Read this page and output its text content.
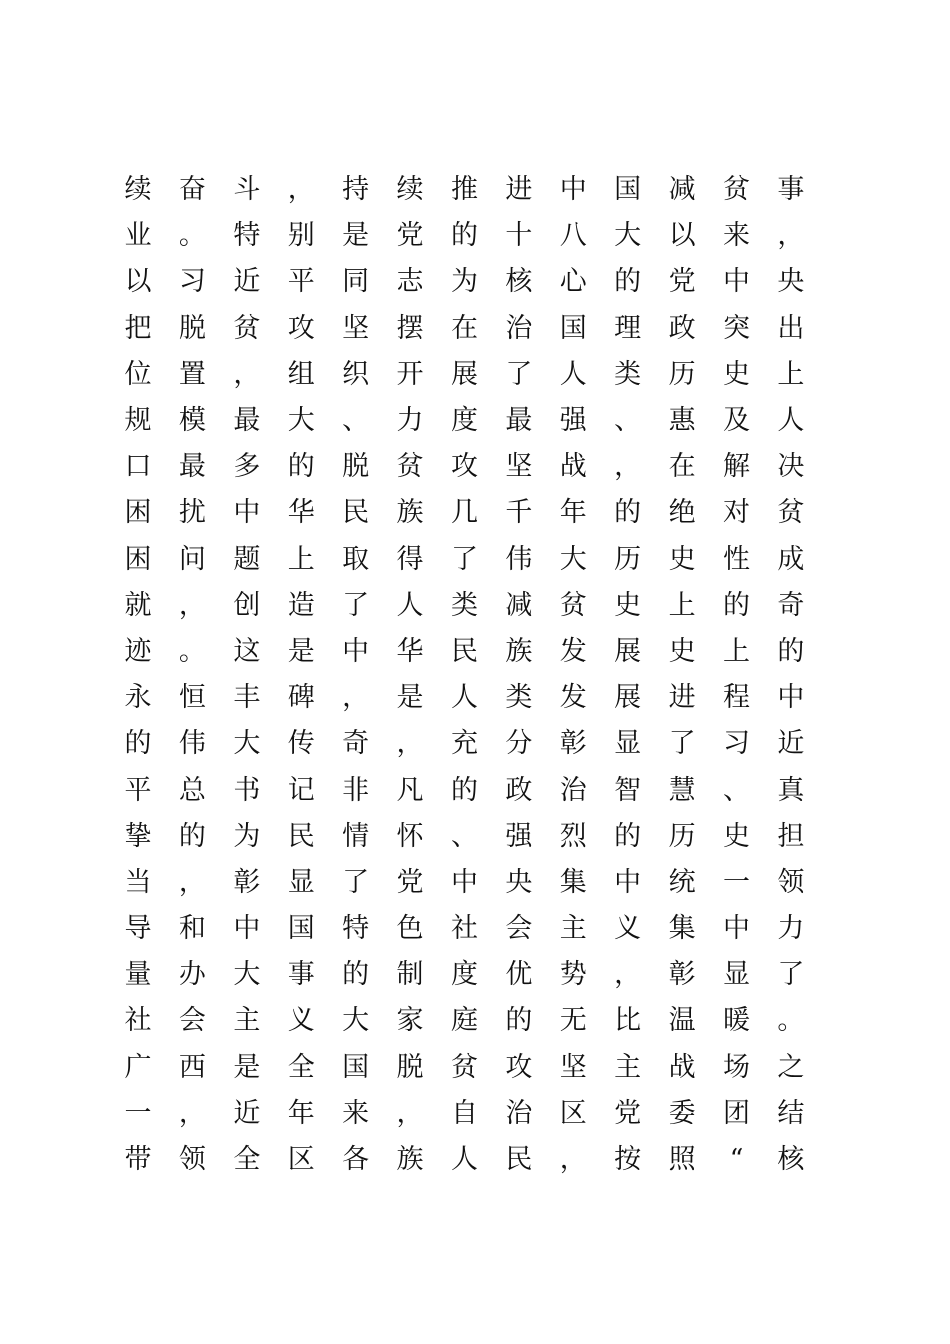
续	奋	斗	，	持	续	推	进	中	国	减	贫	事
业	。	特	别	是	党	的	十	八	大	以	来	，
以	习	近	平	同	志	为	核	心	的	党	中	央
把	脱	贫	攻	坚	摆	在	治	国	理	政	突	出
位	置	，	组	织	开	展	了	人	类	历	史	上
规	模	最	大	、	力	度	最	强	、	惠	及	人
口	最	多	的	脱	贫	攻	坚	战	，	在	解	决
困	扰	中	华	民	族	几	千	年	的	绝	对	贫
困	问	题	上	取	得	了	伟	大	历	史	性	成
就	，	创	造	了	人	类	减	贫	史	上	的	奇
迹	。	这	是	中	华	民	族	发	展	史	上	的
永	恒	丰	碑	，	是	人	类	发	展	进	程	中
的	伟	大	传	奇	，	充	分	彰	显	了	习	近
平	总	书	记	非	凡	的	政	治	智	慧	、	真
挚	的	为	民	情	怀	、	强	烈	的	历	史	担
当	，	彰	显	了	党	中	央	集	中	统	一	领
导	和	中	国	特	色	社	会	主	义	集	中	力
量	办	大	事	的	制	度	优	势	，	彰	显	了
社	会	主	义	大	家	庭	的	无	比	温	暖	。
广	西	是	全	国	脱	贫	攻	坚	主	战	场	之
一	，	近	年	来	，	自	治	区	党	委	团	结
带	领	全	区	各	族	人	民	，	按	照	“	核
